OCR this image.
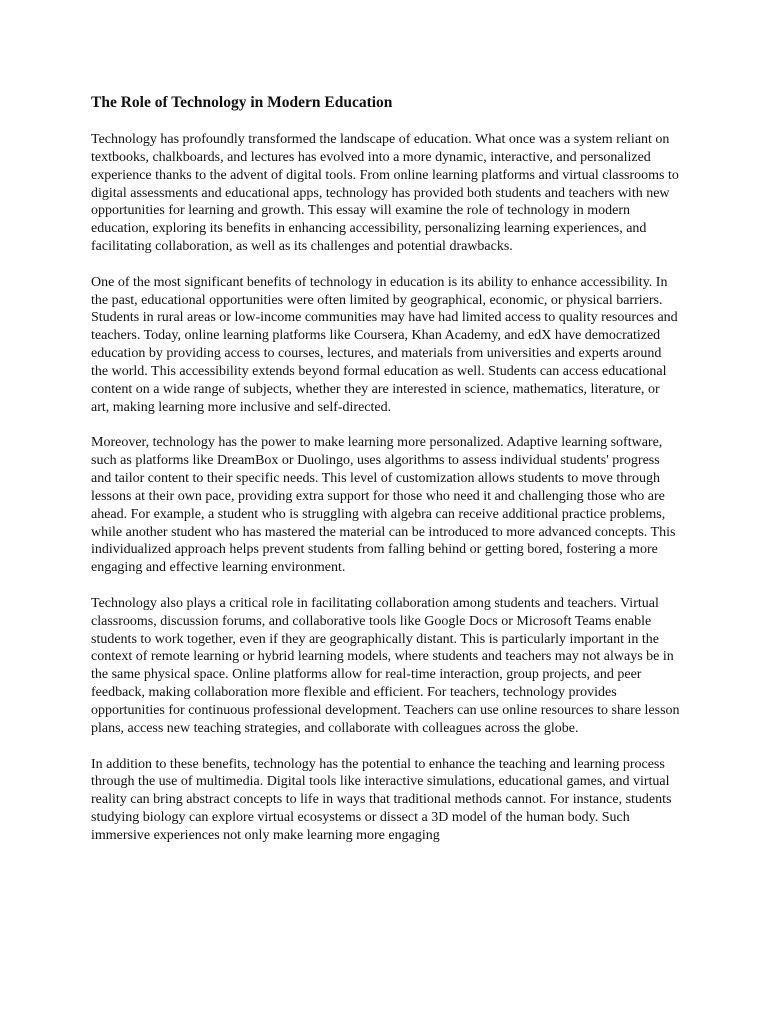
The Role of Technology in Modern Education

Technology has profoundly transformed the landscape of education. What once was a system reliant on textbooks, chalkboards, and lectures has evolved into a more dynamic, interactive, and personalized experience thanks to the advent of digital tools. From online learning platforms and virtual classrooms to digital assessments and educational apps, technology has provided both students and teachers with new opportunities for learning and growth. This essay will examine the role of technology in modern education, exploring its benefits in enhancing accessibility, personalizing learning experiences, and facilitating collaboration, as well as its challenges and potential drawbacks.

One of the most significant benefits of technology in education is its ability to enhance accessibility. In the past, educational opportunities were often limited by geographical, economic, or physical barriers. Students in rural areas or low-income communities may have had limited access to quality resources and teachers. Today, online learning platforms like Coursera, Khan Academy, and edX have democratized education by providing access to courses, lectures, and materials from universities and experts around the world. This accessibility extends beyond formal education as well. Students can access educational content on a wide range of subjects, whether they are interested in science, mathematics, literature, or art, making learning more inclusive and self-directed.

Moreover, technology has the power to make learning more personalized. Adaptive learning software, such as platforms like DreamBox or Duolingo, uses algorithms to assess individual students' progress and tailor content to their specific needs. This level of customization allows students to move through lessons at their own pace, providing extra support for those who need it and challenging those who are ahead. For example, a student who is struggling with algebra can receive additional practice problems, while another student who has mastered the material can be introduced to more advanced concepts. This individualized approach helps prevent students from falling behind or getting bored, fostering a more engaging and effective learning environment.

Technology also plays a critical role in facilitating collaboration among students and teachers. Virtual classrooms, discussion forums, and collaborative tools like Google Docs or Microsoft Teams enable students to work together, even if they are geographically distant. This is particularly important in the context of remote learning or hybrid learning models, where students and teachers may not always be in the same physical space. Online platforms allow for real-time interaction, group projects, and peer feedback, making collaboration more flexible and efficient. For teachers, technology provides opportunities for continuous professional development. Teachers can use online resources to share lesson plans, access new teaching strategies, and collaborate with colleagues across the globe.

In addition to these benefits, technology has the potential to enhance the teaching and learning process through the use of multimedia. Digital tools like interactive simulations, educational games, and virtual reality can bring abstract concepts to life in ways that traditional methods cannot. For instance, students studying biology can explore virtual ecosystems or dissect a 3D model of the human body. Such immersive experiences not only make learning more engaging
